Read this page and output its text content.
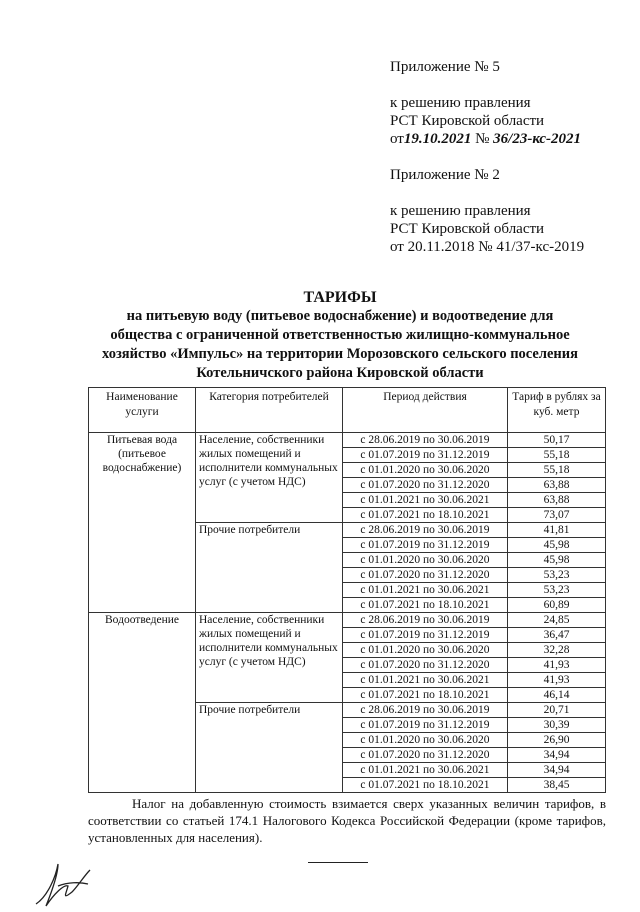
Приложение № 5
к решению правления
РСТ Кировской области
от19.10.2021 № 36/23-кс-2021
Приложение № 2
к решению правления
РСТ Кировской области
от 20.11.2018 № 41/37-кс-2019
ТАРИФЫ
на питьевую воду (питьевое водоснабжение) и водоотведение для
общества с ограниченной ответственностью жилищно-коммунальное
хозяйство «Импульс» на территории Морозовского сельского поселения
Котельничского района Кировской области
Наименование услуги	Категория потребителей	Период действия	Тариф в рублях за куб. метр
Питьевая вода (питьевое водоснабжение)	Население, собственники жилых помещений и исполнители коммунальных услуг (с учетом НДС)	с 28.06.2019 по 30.06.2019	50,17
		с 01.07.2019 по 31.12.2019	55,18
		с 01.01.2020 по 30.06.2020	55,18
		с 01.07.2020 по 31.12.2020	63,88
		с 01.01.2021 по 30.06.2021	63,88
		с 01.07.2021 по 18.10.2021	73,07
	Прочие потребители	с 28.06.2019 по 30.06.2019	41,81
		с 01.07.2019 по 31.12.2019	45,98
		с 01.01.2020 по 30.06.2020	45,98
		с 01.07.2020 по 31.12.2020	53,23
		с 01.01.2021 по 30.06.2021	53,23
		с 01.07.2021 по 18.10.2021	60,89
Водоотведение	Население, собственники жилых помещений и исполнители коммунальных услуг (с учетом НДС)	с 28.06.2019 по 30.06.2019	24,85
		с 01.07.2019 по 31.12.2019	36,47
		с 01.01.2020 по 30.06.2020	32,28
		с 01.07.2020 по 31.12.2020	41,93
		с 01.01.2021 по 30.06.2021	41,93
		с 01.07.2021 по 18.10.2021	46,14
	Прочие потребители	с 28.06.2019 по 30.06.2019	20,71
		с 01.07.2019 по 31.12.2019	30,39
		с 01.01.2020 по 30.06.2020	26,90
		с 01.07.2020 по 31.12.2020	34,94
		с 01.01.2021 по 30.06.2021	34,94
		с 01.07.2021 по 18.10.2021	38,45
Налог на добавленную стоимость взимается сверх указанных величин тарифов, в соответствии со статьей 174.1 Налогового Кодекса Российской Федерации (кроме тарифов, установленных для населения).
